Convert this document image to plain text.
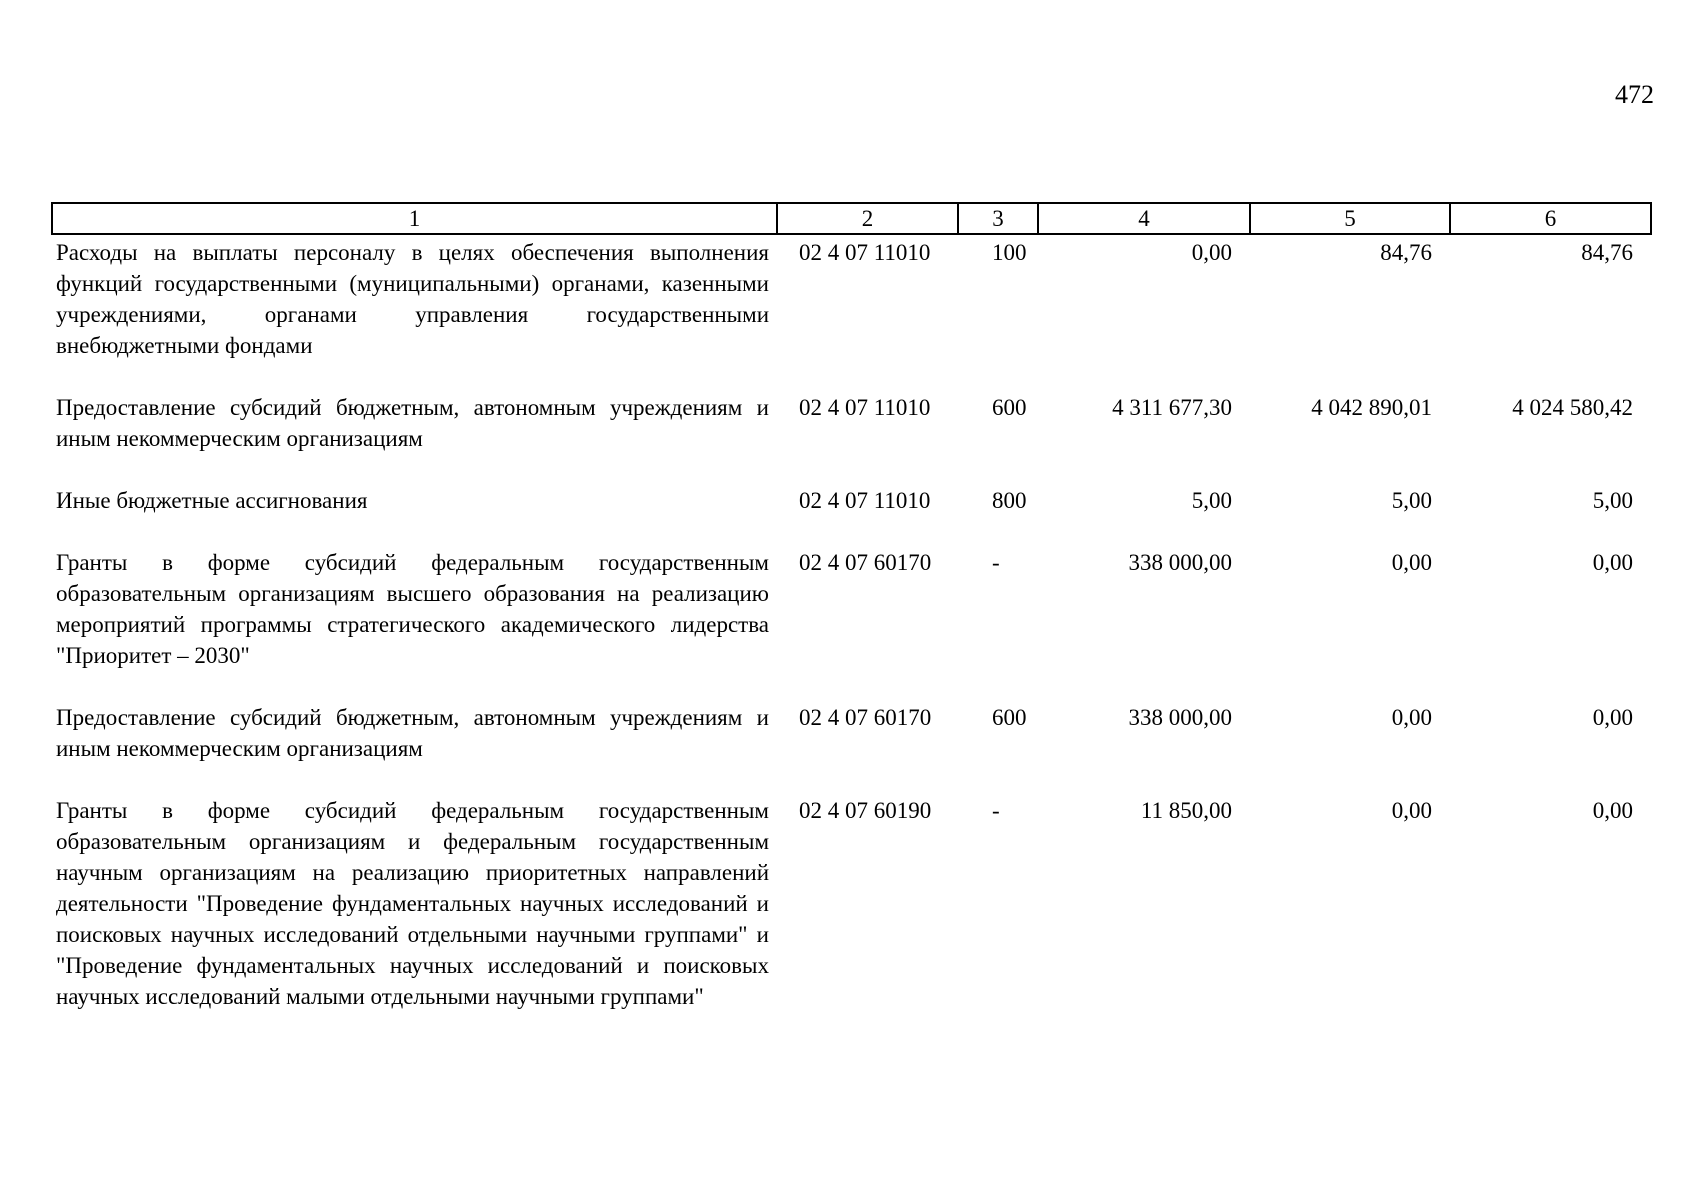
472
1	2	3	4	5	6
Расходы на выплаты персоналу в целях обеспечения выполнения функций государственными (муниципальными) органами, казенными учреждениями, органами управления государственными внебюджетными фондами	02 4 07 11010	100	0,00	84,76	84,76
Предоставление субсидий бюджетным, автономным учреждениям и иным некоммерческим организациям	02 4 07 11010	600	4 311 677,30	4 042 890,01	4 024 580,42
Иные бюджетные ассигнования	02 4 07 11010	800	5,00	5,00	5,00
Гранты в форме субсидий федеральным государственным образовательным организациям высшего образования на реализацию мероприятий программы стратегического академического лидерства "Приоритет – 2030"	02 4 07 60170	-	338 000,00	0,00	0,00
Предоставление субсидий бюджетным, автономным учреждениям и иным некоммерческим организациям	02 4 07 60170	600	338 000,00	0,00	0,00
Гранты в форме субсидий федеральным государственным образовательным организациям и федеральным государственным научным организациям на реализацию приоритетных направлений деятельности "Проведение фундаментальных научных исследований и поисковых научных исследований отдельными научными группами" и "Проведение фундаментальных научных исследований и поисковых научных исследований малыми отдельными научными группами"	02 4 07 60190	-	11 850,00	0,00	0,00
